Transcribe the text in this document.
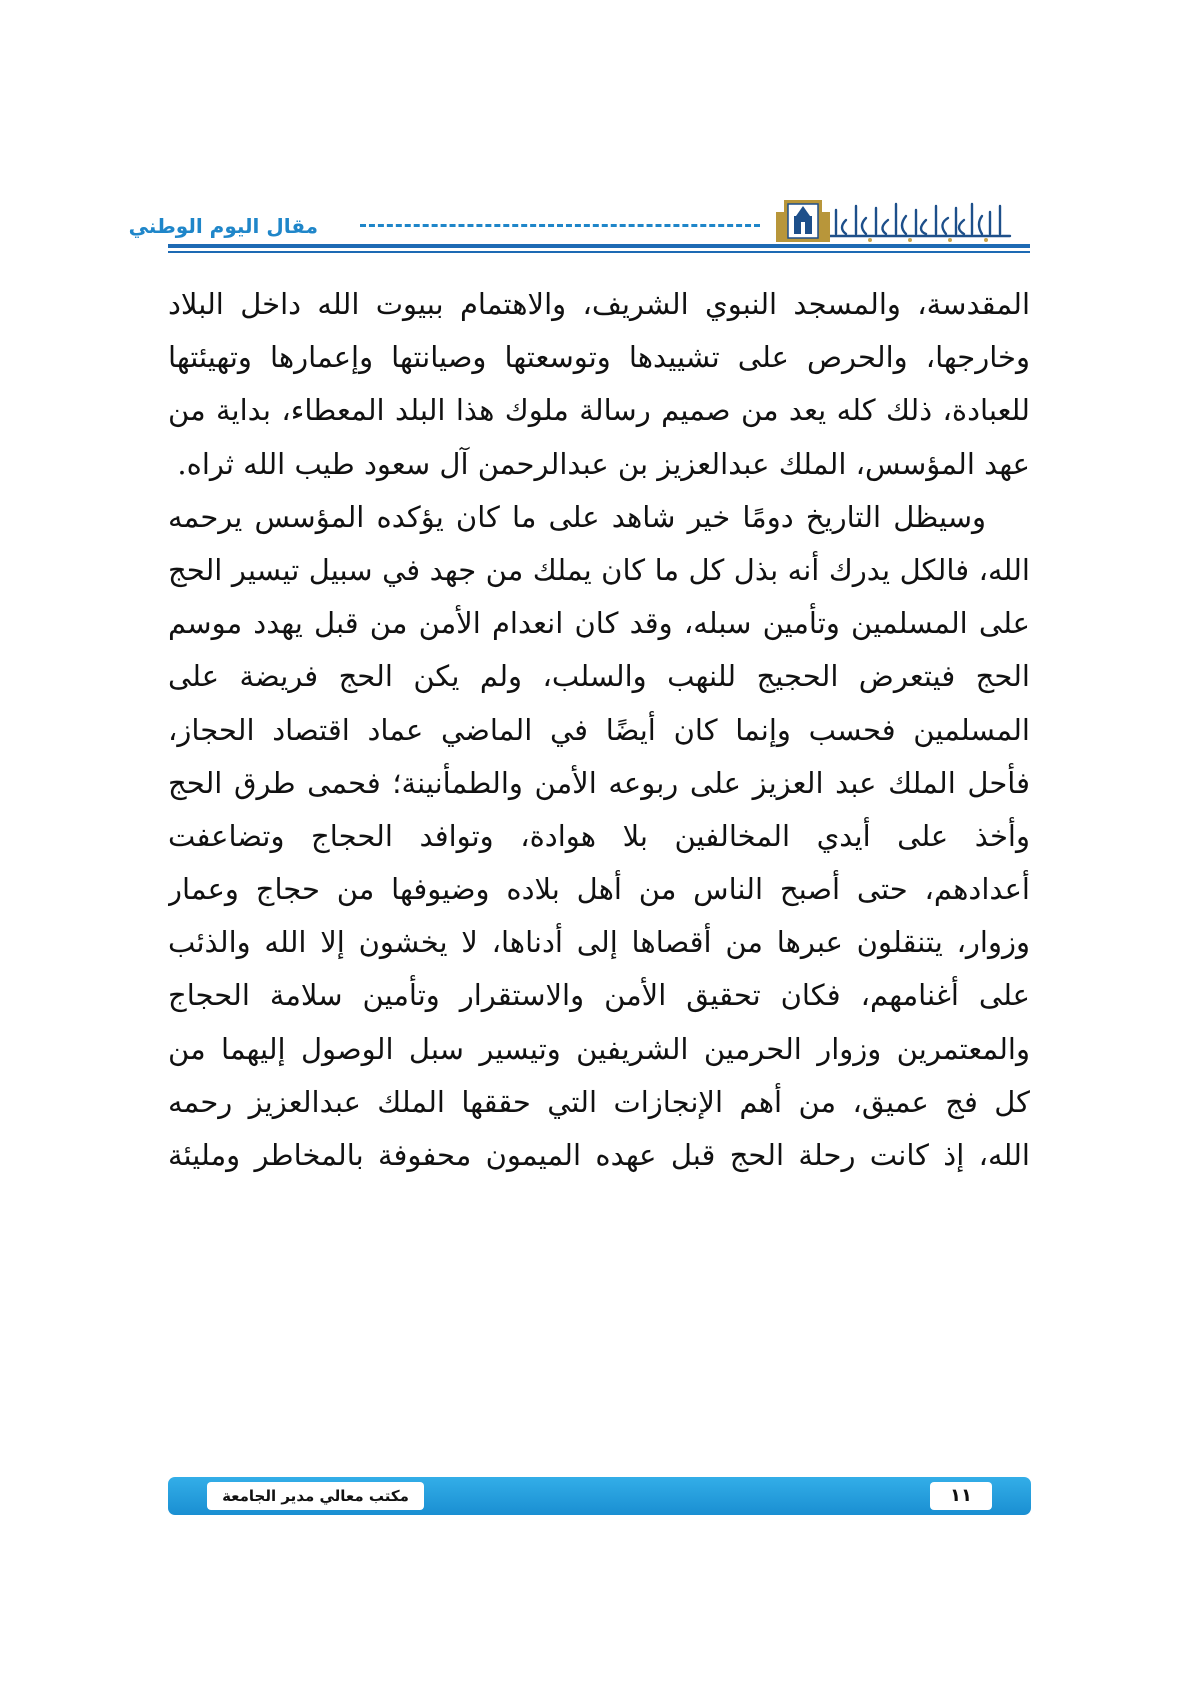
مقال اليوم الوطني
المقدسة، والمسجد النبوي الشريف، والاهتمام ببيوت الله داخل البلاد
وخارجها، والحرص على تشييدها وتوسعتها وصيانتها وإعمارها وتهيئتها
للعبادة، ذلك كله يعد من صميم رسالة ملوك هذا البلد المعطاء، بداية من
عهد المؤسس، الملك عبدالعزيز بن عبدالرحمن آل سعود طيب الله ثراه.
وسيظل التاريخ دومًا خير شاهد على ما كان يؤكده المؤسس يرحمه
الله، فالكل يدرك أنه بذل كل ما كان يملك من جهد في سبيل تيسير الحج
على المسلمين وتأمين سبله، وقد كان انعدام الأمن من قبل يهدد موسم
الحج فيتعرض الحجيج للنهب والسلب، ولم يكن الحج فريضة على
المسلمين فحسب وإنما كان أيضًا في الماضي عماد اقتصاد الحجاز،
فأحل الملك عبد العزيز على ربوعه الأمن والطمأنينة؛ فحمى طرق الحج
وأخذ على أيدي المخالفين بلا هوادة، وتوافد الحجاج وتضاعفت
أعدادهم، حتى أصبح الناس من أهل بلاده وضيوفها من حجاج وعمار
وزوار، يتنقلون عبرها من أقصاها إلى أدناها، لا يخشون إلا الله والذئب
على أغنامهم، فكان تحقيق الأمن والاستقرار وتأمين سلامة الحجاج
والمعتمرين وزوار الحرمين الشريفين وتيسير سبل الوصول إليهما من
كل فج عميق، من أهم الإنجازات التي حققها الملك عبدالعزيز رحمه
الله، إذ كانت رحلة الحج قبل عهده الميمون محفوفة بالمخاطر ومليئة
مكتب معالي مدير الجامعة	١١
